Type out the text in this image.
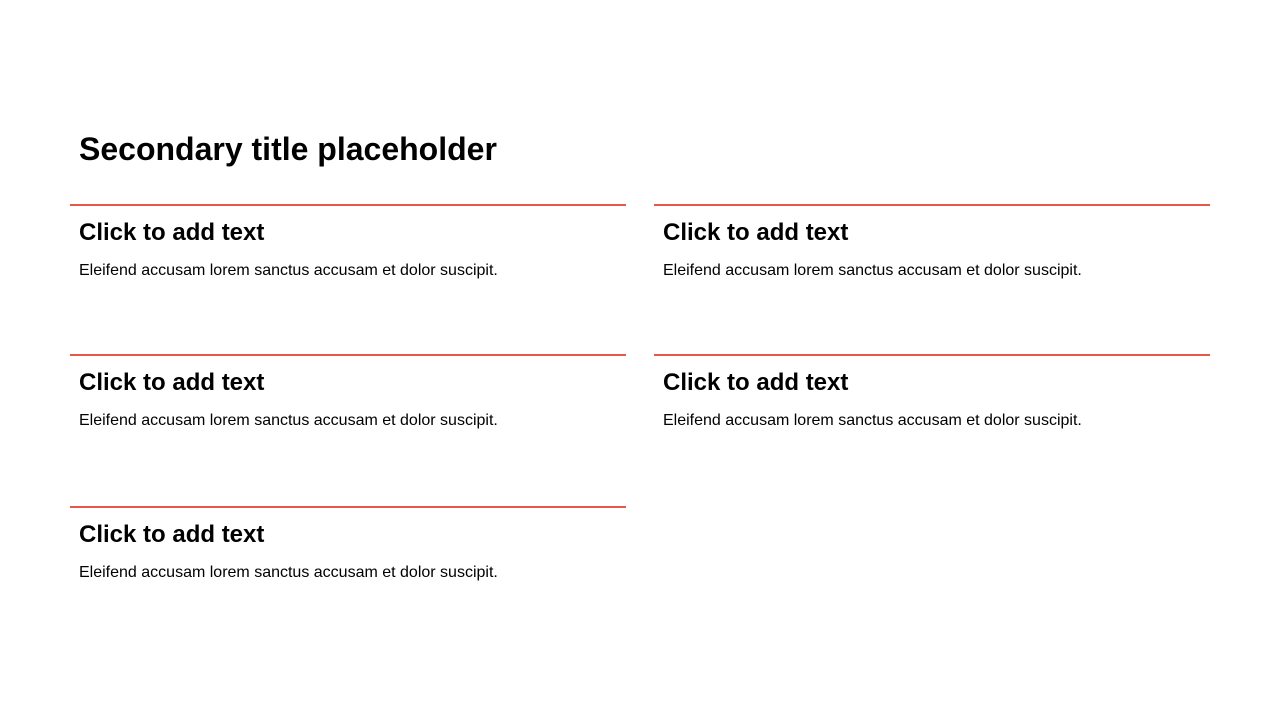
Secondary title placeholder
Click to add text

Eleifend accusam lorem sanctus accusam et dolor suscipit.

Click to add text

Eleifend accusam lorem sanctus accusam et dolor suscipit.

Click to add text

Eleifend accusam lorem sanctus accusam et dolor suscipit.

Click to add text

Eleifend accusam lorem sanctus accusam et dolor suscipit.

Click to add text

Eleifend accusam lorem sanctus accusam et dolor suscipit.
